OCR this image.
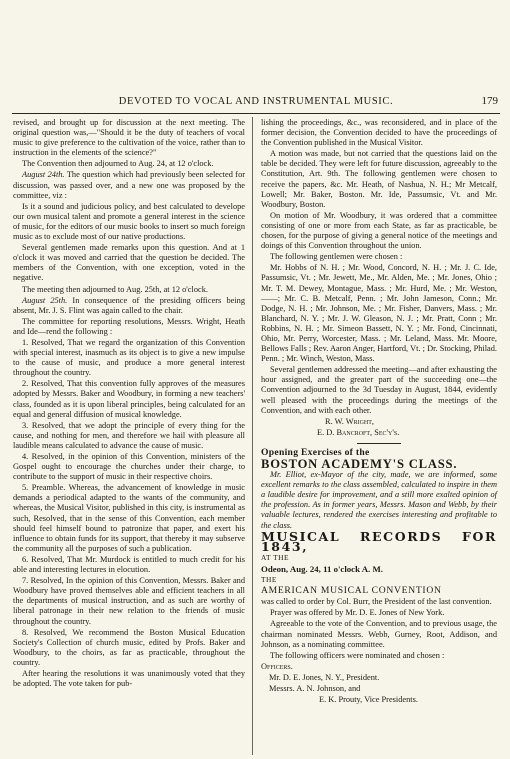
DEVOTED TO VOCAL AND INSTRUMENTAL MUSIC.	179

revised, and brought up for discussion at the next meeting. The original question was,—"Should it be the duty of teachers of vocal music to give preference to the cultivation of the voice, rather than to instruction in the elements of the science?"

The Convention then adjourned to Aug. 24, at 12 o'clock.

August 24th. The question which had previously been selected for discussion, was passed over, and a new one was proposed by the committee, viz :

Is it a sound and judicious policy, and best calculated to develope our own musical talent and promote a general interest in the science of music, for the editors of our music books to insert so much foreign music as to exclude most of our native productions.

Several gentlemen made remarks upon this question. And at 1 o'clock it was moved and carried that the question be decided. The members of the Convention, with one exception, voted in the negative.

The meeting then adjourned to Aug. 25th, at 12 o'clock.

August 25th. In consequence of the presiding officers being absent, Mr. J. S. Flint was again called to the chair.

The committee for reporting resolutions, Messrs. Wright, Heath and Ide—rend the following :

1. Resolved, That we regard the organization of this Convention with special interest, inasmuch as its object is to give a new impulse to the cause of music, and produce a more general interest throughout the country.

2. Resolved, That this convention fully approves of the measures adopted by Messrs. Baker and Woodbury, in forming a new teachers' class, founded as it is upon liberal principles, being calculated for an equal and general diffusion of musical knowledge.

3. Resolved, that we adopt the principle of every thing for the cause, and nothing for men, and therefore we hail with pleasure all laudible means calculated to advance the cause of music.

4. Resolved, in the opinion of this Convention, ministers of the Gospel ought to encourage the churches under their charge, to contribute to the support of music in their respective choirs.

5. Preamble. Whereas, the advancement of knowledge in music demands a periodical adapted to the wants of the community, and whereas, the Musical Visitor, published in this city, is instrumental as such, Resolved, that in the sense of this Convention, each member should feel himself bound to patronize that paper, and exert his influence to obtain funds for its support, that thereby it may subserve the community all the purposes of such a publication.

6. Resolved, That Mr. Murdock is entitled to much credit for his able and interesting lectures in elocution.

7. Resolved, In the opinion of this Convention, Messrs. Baker and Woodbury have proved themselves able and efficient teachers in all the departments of musical instruction, and as such are worthy of liberal patronage in their new relation to the friends of music throughout the country.

8. Resolved, We recommend the Boston Musical Education Society's Collection of church music, edited by Profs. Baker and Woodbury, to the choirs, as far as practicable, throughout the country.

After hearing the resolutions it was unanimously voted that they be adopted. The vote taken for pub-

lishing the proceedings, &c., was reconsidered, and in place of the former decision, the Convention decided to have the proceedings of the Convention published in the Musical Visitor.

A motion was made, but not carried that the questions laid on the table be decided. They were left for future discussion, agreeably to the Constitution, Art. 9th. The following gentlemen were chosen to receive the papers, &c. Mr. Heath, of Nashua, N. H.; Mr Metcalf, Lowell; Mr. Baker, Boston. Mr. Ide, Passumsic, Vt. and Mr. Woodbury, Boston.

On motion of Mr. Woodbury, it was ordered that a committee consisting of one or more from each State, as far as practicable, be chosen, for the purpose of giving a general notice of the meetings and doings of this Convention throughout the union.

The following gentlemen were chosen :

Mr. Hobbs of N. H. ; Mr. Wood, Concord, N. H. ; Mr. J. C. Ide, Passumsic, Vt. ; Mr. Jewett, Me., Mr. Alden, Me. ; Mr. Jones, Ohio ; Mr. T. M. Dewey, Montague, Mass. ; Mr. Hurd, Me. ; Mr. Weston, ——; Mr. C. B. Metcalf, Penn. ; Mr. John Jameson, Conn.; Mr. Dodge, N. H. ; Mr. Johnson, Me. ; Mr. Fisher, Danvers, Mass. ; Mr. Blanchard, N. Y. ; Mr. J. W. Gleason, N. J. ; Mr. Pratt, Conn ; Mr. Robbins, N. H. ; Mr. Simeon Bassett, N. Y. ; Mr. Fond, Cincinnati, Ohio, Mr. Perry, Worcester, Mass. ; Mr. Leland, Mass. Mr. Moore, Bellows Falls ; Rev. Aaron Anger, Hartford, Vt. ; Dr. Stocking, Philad. Penn. ; Mr. Winch, Weston, Mass.

Several gentlemen addressed the meeting—and after exhausting the hour assigned, and the greater part of the succeeding one—the Convention adjourned to the 3d Tuesday in August, 1844, evidently well pleased with the proceedings during the meetings of the Convention, and with each other.

R. W. Wright,

E. D. Bancroft, Sec'y's.

Opening Exercises of the

BOSTON ACADEMY'S CLASS.

Mr. Elliot, ex-Mayor of the city, made, we are informed, some excellent remarks to the class assembled, calculated to inspire in them a laudible desire for improvement, and a still more exalted opinion of the profession. As in former years, Messrs. Mason and Webb, by their valuable lectures, rendered the exercises interesting and profitable to the class.

MUSICAL RECORDS FOR 1843,

AT THE

Odeon, Aug. 24, 11 o'clock A. M.

THE

AMERICAN MUSICAL CONVENTION

was called to order by Col. Burr, the President of the last convention.

Prayer was offered by Mr. D. E. Jones of New York.

Agreeable to the vote of the Convention, and to previous usage, the chairman nominated Messrs. Webb, Gurney, Root, Addison, and Johnson, as a nominating committee.

The following officers were nominated and chosen :

Officers.

Mr. D. E. Jones, N. Y., President.

Messrs. A. N. Johnson, and

E. K. Prouty, Vice Presidents.
